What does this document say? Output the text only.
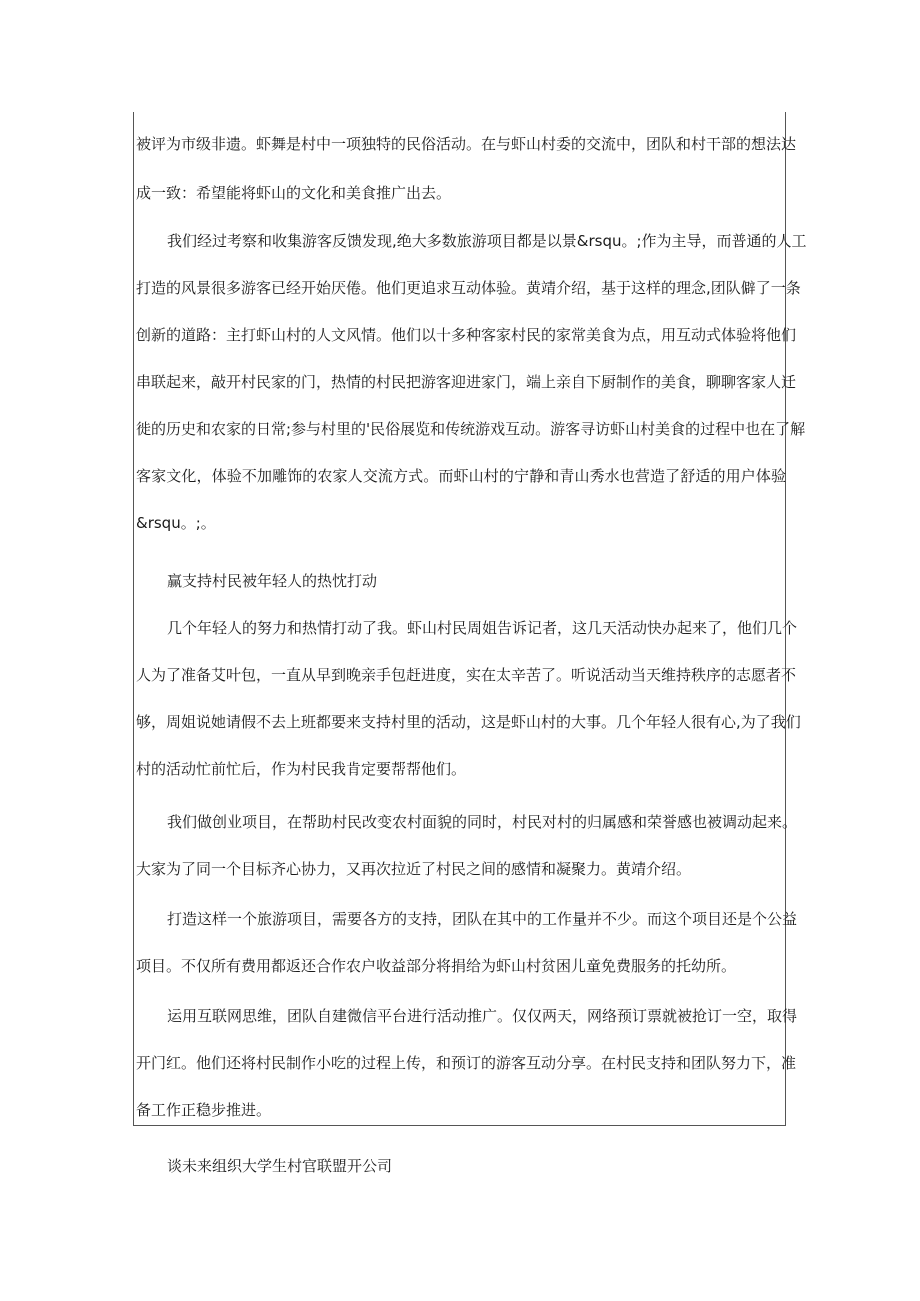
被评为市级非遗。虾舞是村中一项独特的民俗活动。在与虾山村委的交流中，团队和村干部的想法达
成一致：希望能将虾山的文化和美食推广出去。
我们经过考察和收集游客反馈发现,绝大多数旅游项目都是以景&rsqu。;作为主导，而普通的人工
打造的风景很多游客已经开始厌倦。他们更追求互动体验。黄靖介绍，基于这样的理念,团队僻了一条
创新的道路：主打虾山村的人文风情。他们以十多种客家村民的家常美食为点，用互动式体验将他们
串联起来，敲开村民家的门，热情的村民把游客迎进家门，端上亲自下厨制作的美食，聊聊客家人迁
徙的历史和农家的日常;参与村里的'民俗展览和传统游戏互动。游客寻访虾山村美食的过程中也在了解
客家文化，体验不加雕饰的农家人交流方式。而虾山村的宁静和青山秀水也营造了舒适的用户体验
&rsqu。;。
赢支持村民被年轻人的热忱打动
几个年轻人的努力和热情打动了我。虾山村民周姐告诉记者，这几天活动快办起来了，他们几个
人为了准备艾叶包，一直从早到晚亲手包赶进度，实在太辛苦了。听说活动当天维持秩序的志愿者不
够，周姐说她请假不去上班都要来支持村里的活动，这是虾山村的大事。几个年轻人很有心,为了我们
村的活动忙前忙后，作为村民我肯定要帮帮他们。
我们做创业项目，在帮助村民改变农村面貌的同时，村民对村的归属感和荣誉感也被调动起来。
大家为了同一个目标齐心协力，又再次拉近了村民之间的感情和凝聚力。黄靖介绍。
打造这样一个旅游项目，需要各方的支持，团队在其中的工作量并不少。而这个项目还是个公益
项目。不仅所有费用都返还合作农户收益部分将捐给为虾山村贫困儿童免费服务的托幼所。
运用互联网思维，团队自建微信平台进行活动推广。仅仅两天，网络预订票就被抢订一空，取得
开门红。他们还将村民制作小吃的过程上传，和预订的游客互动分享。在村民支持和团队努力下，准
备工作正稳步推进。

谈未来组织大学生村官联盟开公司
